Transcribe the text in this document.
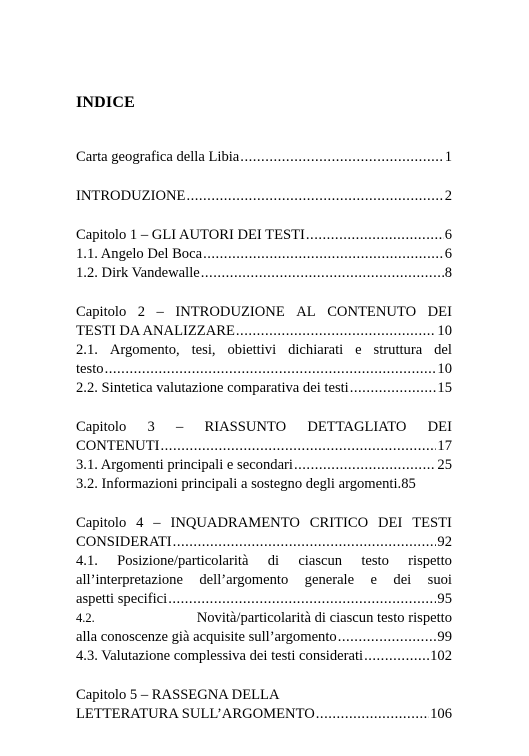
INDICE
Carta geografica della Libia .....	1
INTRODUZIONE .....	2
Capitolo 1 – GLI AUTORI DEI TESTI .....	6
1.1. Angelo Del Boca .....	6
1.2. Dirk Vandewalle .....	8
Capitolo 2 – INTRODUZIONE AL CONTENUTO DEI
TESTI DA ANALIZZARE .....	10
2.1. Argomento, tesi, obiettivi dichiarati e struttura del
testo .....	10
2.2. Sintetica valutazione comparativa dei testi .....	15
Capitolo 3 – RIASSUNTO DETTAGLIATO DEI
CONTENUTI .....	17
3.1. Argomenti principali e secondari .....	25
3.2. Informazioni principali a sostegno degli argomenti. 85
Capitolo 4 – INQUADRAMENTO CRITICO DEI TESTI
CONSIDERATI .....	92
4.1. Posizione/particolarità di ciascun testo rispetto
all’interpretazione dell’argomento generale e dei suoi
aspetti specifici .....	95
4.2.	Novità/particolarità di ciascun testo rispetto
alla conoscenze già acquisite sull’argomento .....	99
4.3. Valutazione complessiva dei testi considerati .....	102
Capitolo 5 – RASSEGNA DELLA
LETTERATURA SULL’ARGOMENTO .....	106
